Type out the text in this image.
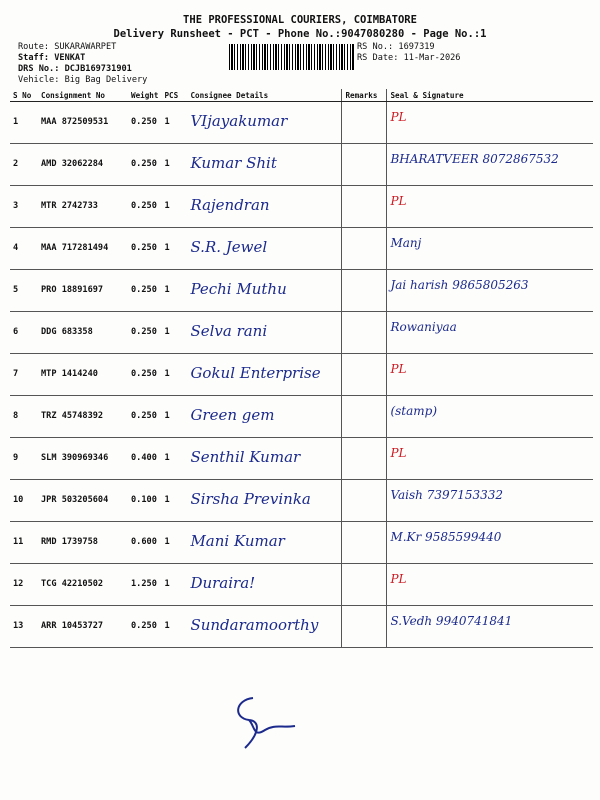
THE PROFESSIONAL COURIERS, COIMBATORE
Delivery Runsheet - PCT - Phone No.:9047080280 - Page No.:1
Route: SUKARAWARPET
Staff: VENKAT
DRS No.: DCJB169731901
Vehicle: Big Bag Delivery
RS No.: 1697319
RS Date: 11-Mar-2026
S No	Consignment No	Weight	PCS	Consignee Details	Remarks	Seal & Signature
1	MAA 872509531	0.250	1	VIjayakumar		PL
2	AMD 32062284	0.250	1	Kumar Shit		BHARATVEER 8072867532
3	MTR 2742733	0.250	1	Rajendran		PL
4	MAA 717281494	0.250	1	S.R. Jewel		Manj
5	PRO 18891697	0.250	1	Pechi Muthu		Jai harish 9865805263
6	DDG 683358	0.250	1	Selva rani		Rowaniyaa
7	MTP 1414240	0.250	1	Gokul Enterprise		PL
8	TRZ 45748392	0.250	1	Green gem		(stamp)
9	SLM 390969346	0.400	1	Senthil Kumar		PL
10	JPR 503205604	0.100	1	Sirsha Previnka		Vaish 7397153332
11	RMD 1739758	0.600	1	Mani Kumar		M.Kr 9585599440
12	TCG 42210502	1.250	1	Duraira!		PL
13	ARR 10453727	0.250	1	Sundaramoorthy		S.Vedh 9940741841
